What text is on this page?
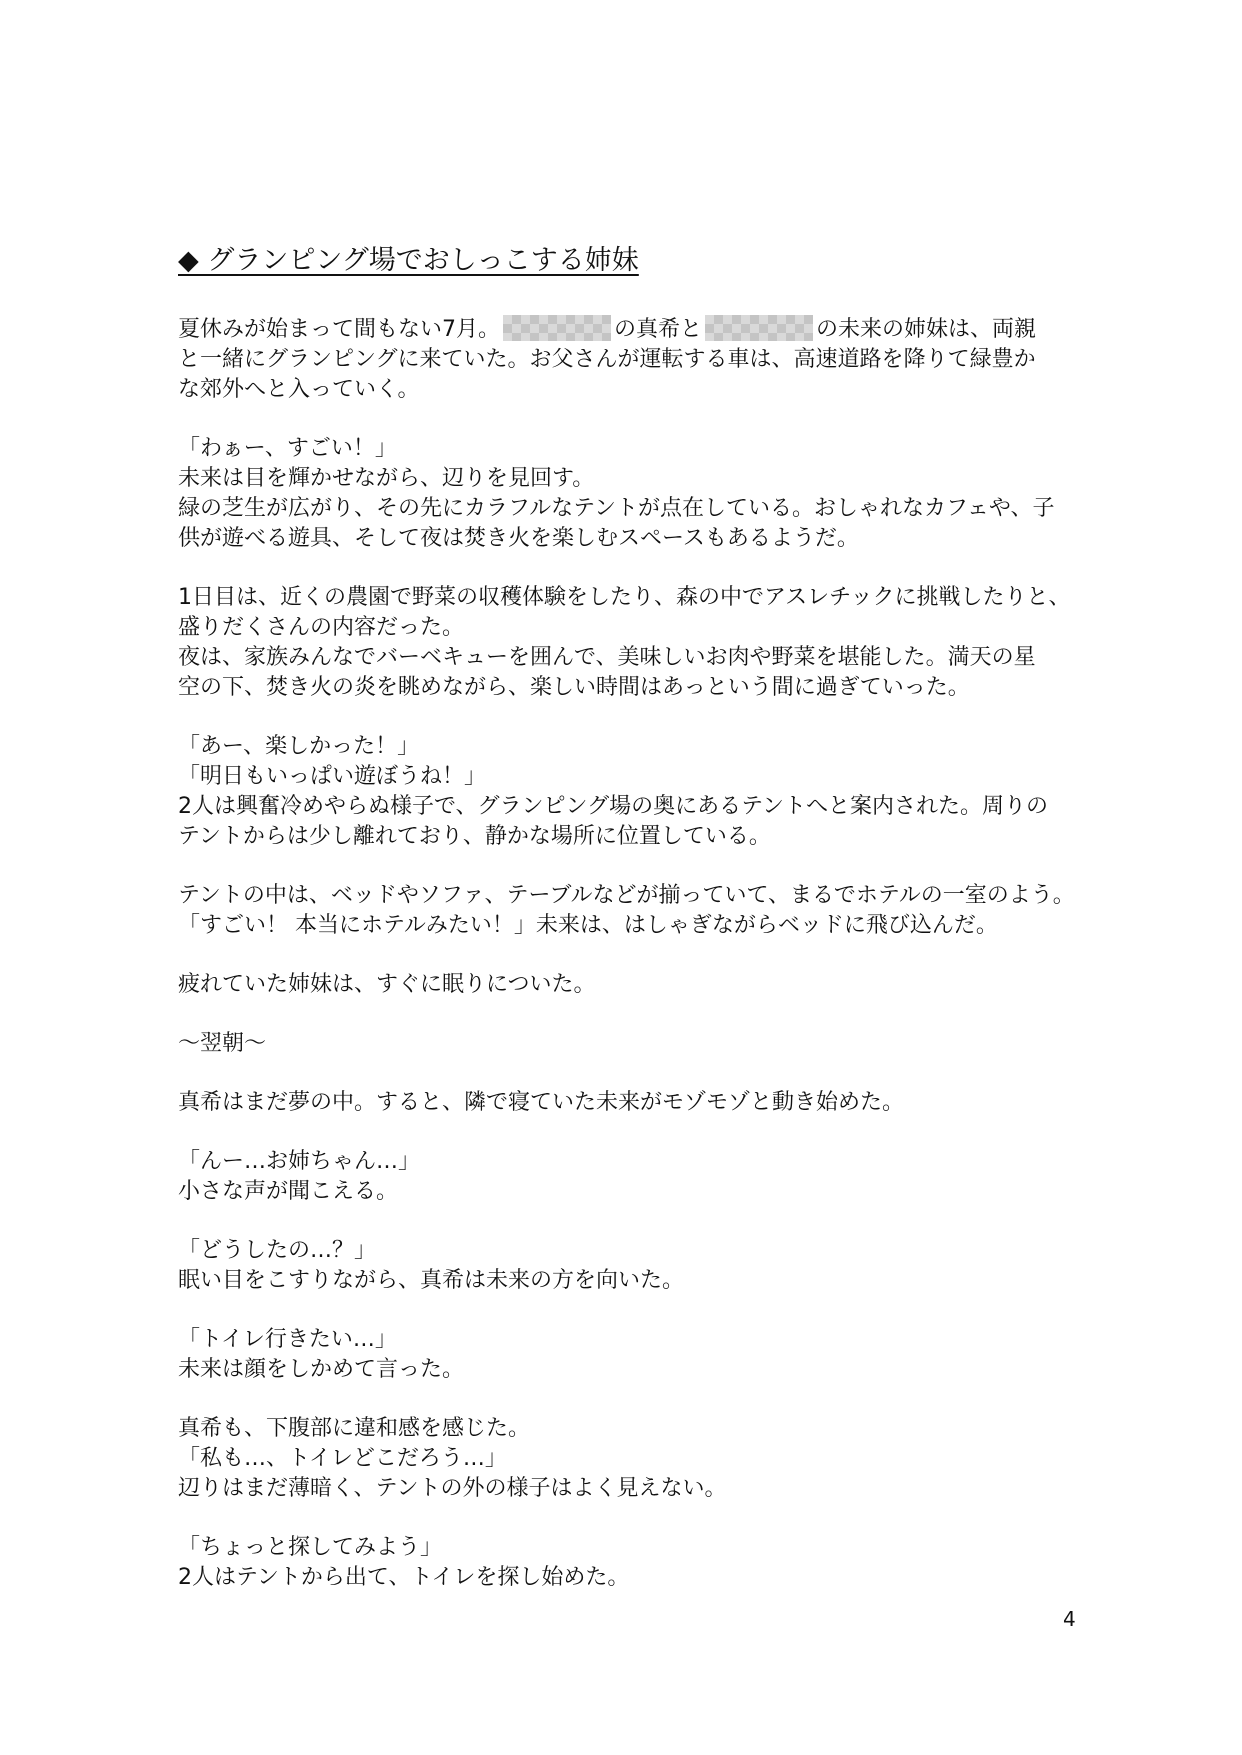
◆ グランピング場でおしっこする姉妹
夏休みが始まって間もない7月。	の真希と	の未来の姉妹は、両親
と一緒にグランピングに来ていた。お父さんが運転する車は、高速道路を降りて緑豊か
な郊外へと入っていく。
「わぁー、すごい！」
未来は目を輝かせながら、辺りを見回す。
緑の芝生が広がり、その先にカラフルなテントが点在している。おしゃれなカフェや、子
供が遊べる遊具、そして夜は焚き火を楽しむスペースもあるようだ。
1日目は、近くの農園で野菜の収穫体験をしたり、森の中でアスレチックに挑戦したりと、
盛りだくさんの内容だった。
夜は、家族みんなでバーベキューを囲んで、美味しいお肉や野菜を堪能した。満天の星
空の下、焚き火の炎を眺めながら、楽しい時間はあっという間に過ぎていった。
「あー、楽しかった！」
「明日もいっぱい遊ぼうね！」
2人は興奮冷めやらぬ様子で、グランピング場の奥にあるテントへと案内された。周りの
テントからは少し離れており、静かな場所に位置している。
テントの中は、ベッドやソファ、テーブルなどが揃っていて、まるでホテルの一室のよう。
「すごい！ 本当にホテルみたい！」未来は、はしゃぎながらベッドに飛び込んだ。
疲れていた姉妹は、すぐに眠りについた。
〜翌朝〜
真希はまだ夢の中。すると、隣で寝ていた未来がモゾモゾと動き始めた。
「んー…お姉ちゃん…」
小さな声が聞こえる。
「どうしたの…？」
眠い目をこすりながら、真希は未来の方を向いた。
「トイレ行きたい…」
未来は顔をしかめて言った。
真希も、下腹部に違和感を感じた。
「私も…、トイレどこだろう…」
辺りはまだ薄暗く、テントの外の様子はよく見えない。
「ちょっと探してみよう」
2人はテントから出て、トイレを探し始めた。
4
